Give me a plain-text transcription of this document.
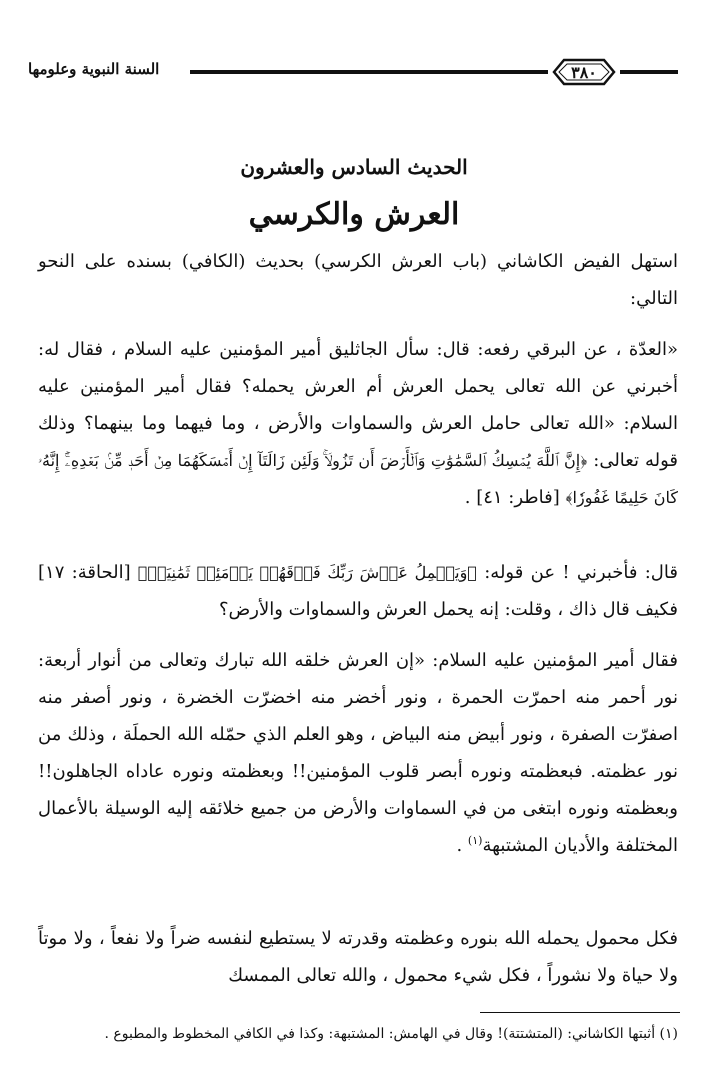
السنة النبوية وعلومها	٣٨٠
الحديث السادس والعشرون
العرش والكرسي

استهل الفيض الكاشاني (باب العرش الكرسي) بحديث (الكافي) بسنده على النحو التالي:

«العدّة ، عن البرقي رفعه: قال: سأل الجاثليق أمير المؤمنين عليه السلام ، فقال له: أخبرني عن الله تعالى يحمل العرش أم العرش يحمله؟ فقال أمير المؤمنين عليه السلام: «الله تعالى حامل العرش والسماوات والأرض ، وما فيهما وما بينهما؟ وذلك قوله تعالى: ﴿إِنَّ ٱللَّهَ يُمۡسِكُ ٱلسَّمَٰوَٰتِ وَٱلۡأَرۡضَ أَن تَزُولَاۚ وَلَئِن زَالَتَآ إِنۡ أَمۡسَكَهُمَا مِنۡ أَحَدٖ مِّنۢ بَعۡدِهِۦٓۚ إِنَّهُۥ كَانَ حَلِيمًا غَفُورٗا﴾ [فاطر: ٤١] .

قال: فأخبرني ! عن قوله: ﴿وَيَحۡمِلُ عَرۡشَ رَبِّكَ فَوۡقَهُمۡ يَوۡمَئِذٖ ثَمَٰنِيَةٞ﴾ [الحاقة: ١٧] فكيف قال ذاك ، وقلت: إنه يحمل العرش والسماوات والأرض؟

فقال أمير المؤمنين عليه السلام: «إن العرش خلقه الله تبارك وتعالى من أنوار أربعة: نور أحمر منه احمرّت الحمرة ، ونور أخضر منه اخضرّت الخضرة ، ونور أصفر منه اصفرّت الصفرة ، ونور أبيض منه البياض ، وهو العلم الذي حمّله الله الحملَة ، وذلك من نور عظمته. فبعظمته ونوره أبصر قلوب المؤمنين!! وبعظمته ونوره عاداه الجاهلون!! وبعظمته ونوره ابتغى من في السماوات والأرض من جميع خلائقه إليه الوسيلة بالأعمال المختلفة والأديان المشتبهة$^{(١)}$ .

فكل محمول يحمله الله بنوره وعظمته وقدرته لا يستطيع لنفسه ضراً ولا نفعاً ، ولا موتاً ولا حياة ولا نشوراً ، فكل شيء محمول ، والله تعالى الممسك

(١) أثبتها الكاشاني: (المتشتتة)! وقال في الهامش: المشتبهة: وكذا في الكافي المخطوط والمطبوع .
